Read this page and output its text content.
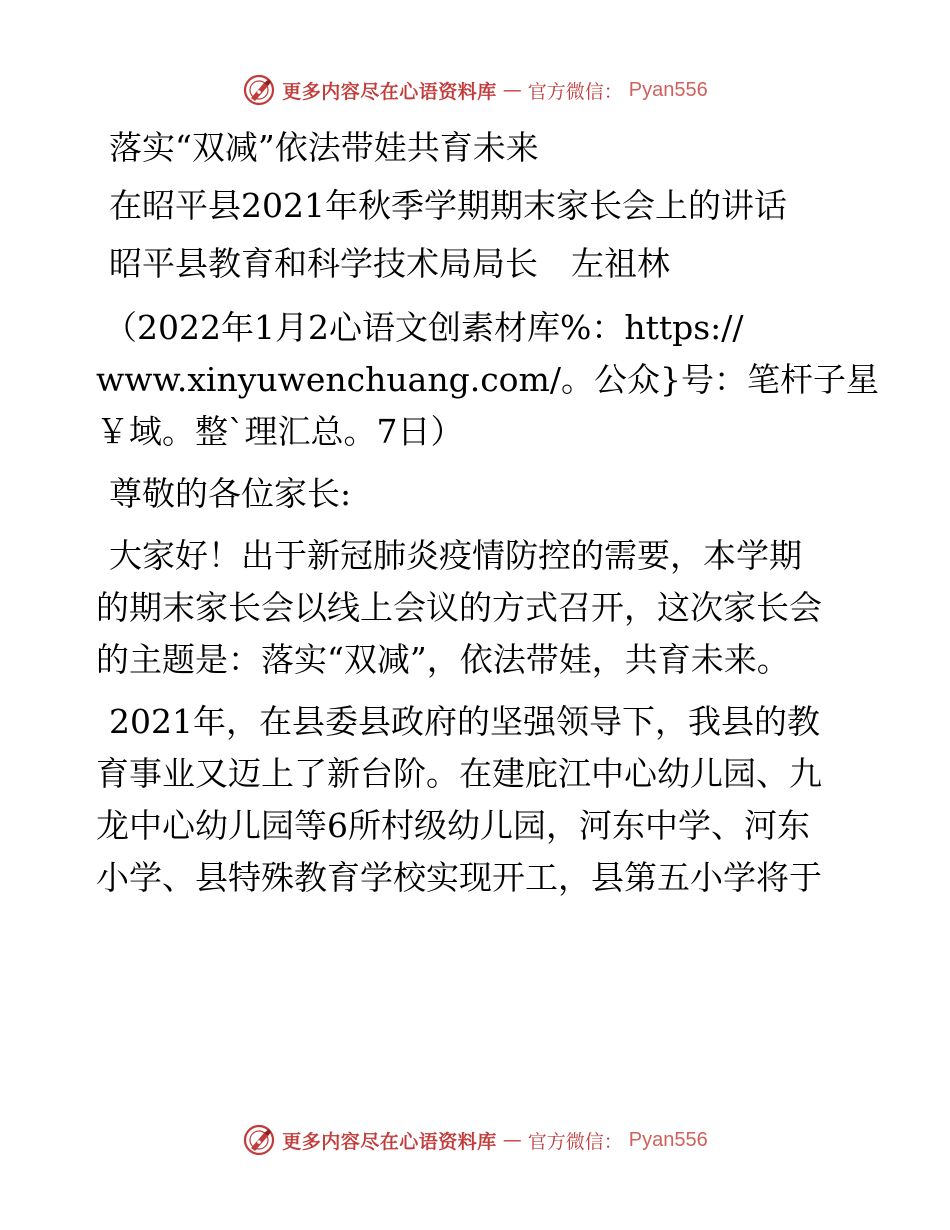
更多内容尽在心语资料库 — 官方微信： Pyan556
落实“双减”依法带娃共育未来
在昭平县2021年秋季学期期末家长会上的讲话
昭平县教育和科学技术局局长　左祖林
（2022年1月2心语文创素材库%：https://
www.xinyuwenchuang.com/。公众}号：笔杆子星
￥域。整`理汇总。7日）
尊敬的各位家长:
大家好！出于新冠肺炎疫情防控的需要，本学期
的期末家长会以线上会议的方式召开，这次家长会
的主题是：落实“双减”，依法带娃，共育未来。
2021年，在县委县政府的坚强领导下，我县的教
育事业又迈上了新台阶。在建庇江中心幼儿园、九
龙中心幼儿园等6所村级幼儿园，河东中学、河东
小学、县特殊教育学校实现开工，县第五小学将于
更多内容尽在心语资料库 — 官方微信： Pyan556
